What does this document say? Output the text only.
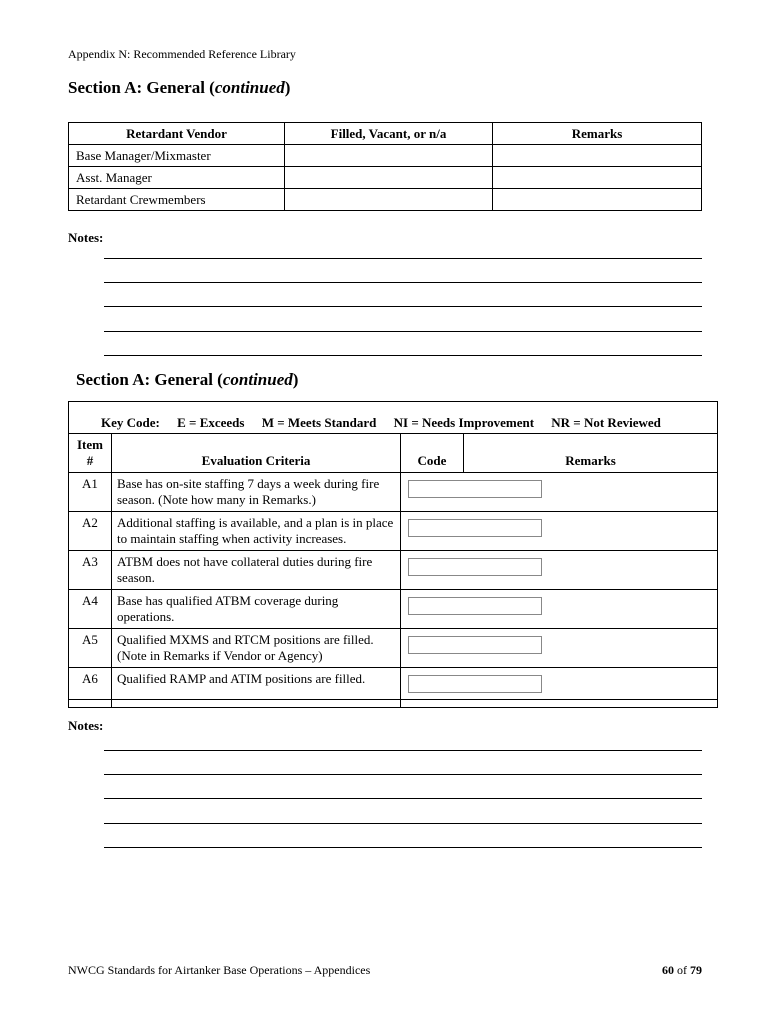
Appendix N: Recommended Reference Library
Section A: General (continued)
Retardant Vendor	Filled, Vacant, or n/a	Remarks
Base Manager/Mixmaster		
Asst. Manager		
Retardant Crewmembers		
Notes:
Section A: General (continued)
Key Code: E = Exceeds M = Meets Standard NI = Needs Improvement NR = Not Reviewed
Item #	Evaluation Criteria	Code	Remarks
A1	Base has on-site staffing 7 days a week during fire season. (Note how many in Remarks.)		

A2	Additional staffing is available, and a plan is in place to maintain staffing when activity increases.		

A3	ATBM does not have collateral duties during fire season.		

A4	Base has qualified ATBM coverage during operations.		

A5	Qualified MXMS and RTCM positions are filled. (Note in Remarks if Vendor or Agency)		

A6	Qualified RAMP and ATIM positions are filled.		
Notes:
NWCG Standards for Airtanker Base Operations – Appendices	60 of 79
